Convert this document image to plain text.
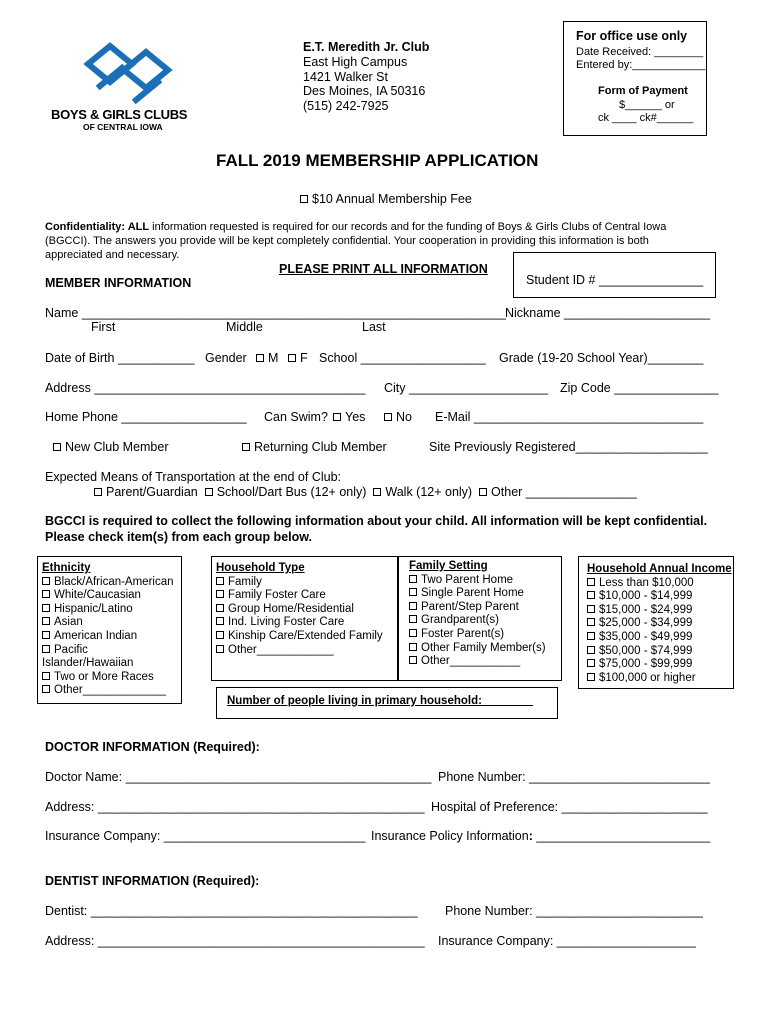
BOYS & GIRLS CLUBS
OF CENTRAL IOWA
E.T. Meredith Jr. Club
East High Campus
1421 Walker St
Des Moines, IA 50316
(515) 242-7925
For office use only
Date Received: ________
Entered by:____________
Form of Payment
$______ or
ck ____ ck#______
FALL 2019 MEMBERSHIP APPLICATION
$10 Annual Membership Fee
Confidentiality: ALL information requested is required for our records and for the funding of Boys & Girls Clubs of Central Iowa
(BGCCI). The answers you provide will be kept completely confidential. Your cooperation in providing this information is both
appreciated and necessary.
PLEASE PRINT ALL INFORMATION
Student ID # _______________
MEMBER INFORMATION
Name _____________________________________________________________ Nickname _____________________
First	Middle	Last
Date of Birth ___________ Gender	M	F School __________________ Grade (19-20 School Year)________
Address _______________________________________ City ____________________ Zip Code _______________
Home Phone __________________ Can Swim?	Yes	No E-Mail _________________________________
New Club Member	Returning Club Member	Site Previously Registered___________________
Expected Means of Transportation at the end of Club:
Parent/Guardian School/Dart Bus (12+ only) Walk (12+ only) Other ________________
BGCCI is required to collect the following information about your child. All information will be kept confidential.
Please check item(s) from each group below.
Ethnicity
Black/African-American
White/Caucasian
Hispanic/Latino
Asian
American Indian
Pacific
Islander/Hawaiian
Two or More Races
Other_____________
Household Type
Family
Family Foster Care
Group Home/Residential
Ind. Living Foster Care
Kinship Care/Extended Family
Other____________
Family Setting
Two Parent Home
Single Parent Home
Parent/Step Parent
Grandparent(s)
Foster Parent(s)
Other Family Member(s)
Other___________
Household Annual Income
Less than $10,000
$10,000 - $14,999
$15,000 - $24,999
$25,000 - $34,999
$35,000 - $49,999
$50,000 - $74,999
$75,000 - $99,999
$100,000 or higher
Number of people living in primary household:
DOCTOR INFORMATION (Required):
Doctor Name: ____________________________________________ Phone Number: __________________________
Address: _______________________________________________ Hospital of Preference: _____________________
Insurance Company: _____________________________ Insurance Policy Information: _________________________
DENTIST INFORMATION (Required):
Dentist: _______________________________________________ Phone Number: ________________________
Address: _______________________________________________ Insurance Company: ____________________
